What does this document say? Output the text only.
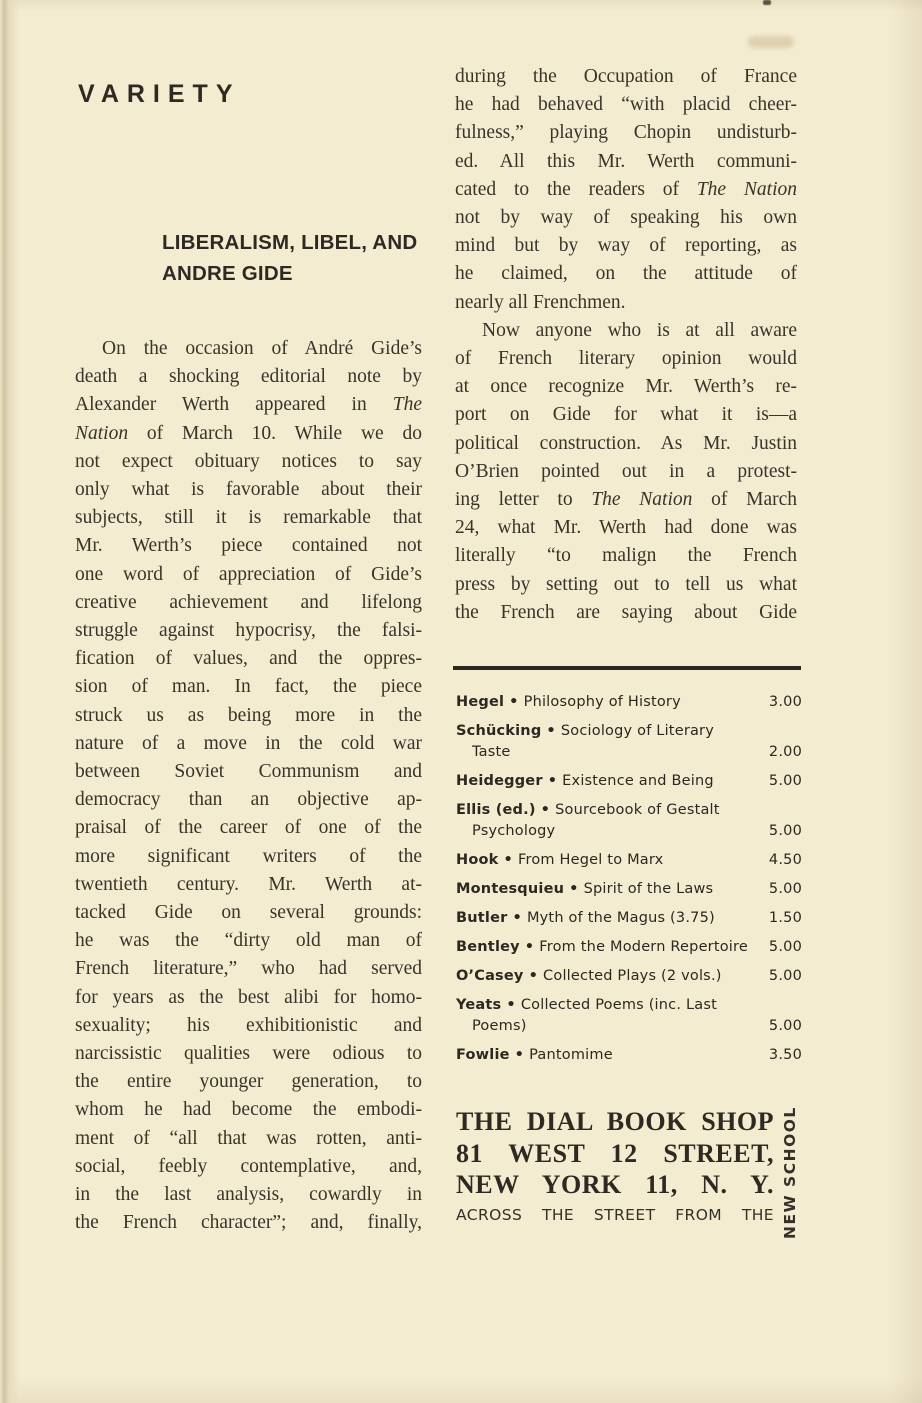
VARIETY
LIBERALISM, LIBEL, AND
ANDRE GIDE
On the occasion of André Gide’s
death a shocking editorial note by
Alexander Werth appeared in The
Nation of March 10. While we do
not expect obituary notices to say
only what is favorable about their
subjects, still it is remarkable that
Mr. Werth’s piece contained not
one word of appreciation of Gide’s
creative achievement and lifelong
struggle against hypocrisy, the falsi-
fication of values, and the oppres-
sion of man. In fact, the piece
struck us as being more in the
nature of a move in the cold war
between Soviet Communism and
democracy than an objective ap-
praisal of the career of one of the
more significant writers of the
twentieth century. Mr. Werth at-
tacked Gide on several grounds:
he was the “dirty old man of
French literature,” who had served
for years as the best alibi for homo-
sexuality; his exhibitionistic and
narcissistic qualities were odious to
the entire younger generation, to
whom he had become the embodi-
ment of “all that was rotten, anti-
social, feebly contemplative, and,
in the last analysis, cowardly in
the French character”; and, finally,
during the Occupation of France
he had behaved “with placid cheer-
fulness,” playing Chopin undisturb-
ed. All this Mr. Werth communi-
cated to the readers of The Nation
not by way of speaking his own
mind but by way of reporting, as
he claimed, on the attitude of
nearly all Frenchmen.
Now anyone who is at all aware
of French literary opinion would
at once recognize Mr. Werth’s re-
port on Gide for what it is—a
political construction. As Mr. Justin
O’Brien pointed out in a protest-
ing letter to The Nation of March
24, what Mr. Werth had done was
literally “to malign the French
press by setting out to tell us what
the French are saying about Gide
Hegel • Philosophy of History	3.00
Schücking • Sociology of Literary Taste	2.00
Heidegger • Existence and Being	5.00
Ellis (ed.) • Sourcebook of Gestalt Psychology	5.00
Hook • From Hegel to Marx	4.50
Montesquieu • Spirit of the Laws	5.00
Butler • Myth of the Magus (3.75)	1.50
Bentley • From the Modern Repertoire	5.00
O’Casey • Collected Plays (2 vols.)	5.00
Yeats • Collected Poems (inc. Last Poems)	5.00
Fowlie • Pantomime	3.50
THE DIAL BOOK SHOP
81 WEST 12 STREET,
NEW YORK 11, N. Y.
ACROSS THE STREET FROM THE NEW SCHOOL
